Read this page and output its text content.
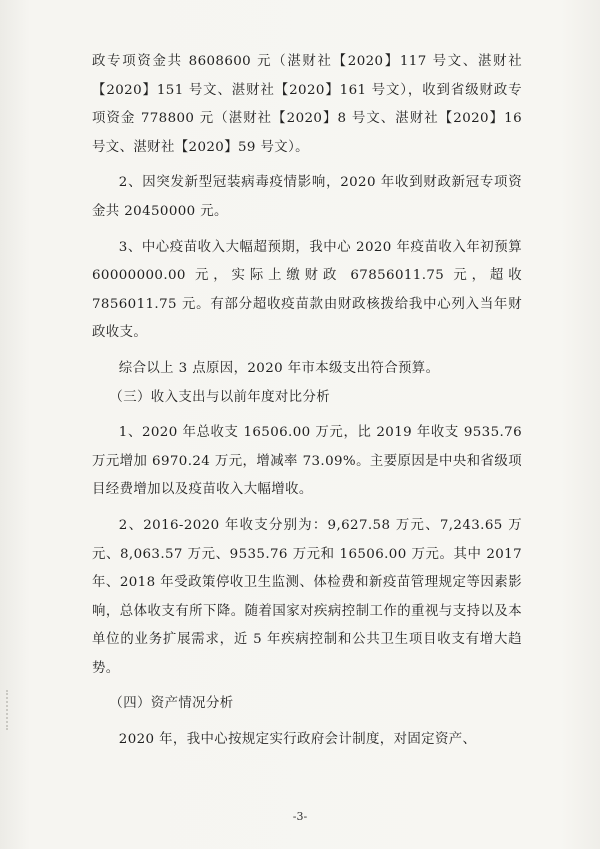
政专项资金共 8608600 元（湛财社【2020】117 号文、湛财社【2020】151 号文、湛财社【2020】161 号文），收到省级财政专项资金 778800 元（湛财社【2020】8 号文、湛财社【2020】16 号文、湛财社【2020】59 号文）。

2、因突发新型冠装病毒疫情影响，2020 年收到财政新冠专项资金共 20450000 元。

3、中心疫苗收入大幅超预期，我中心 2020 年疫苗收入年初预算 60000000.00 元，实际上缴财政 67856011.75 元，超收 7856011.75 元。有部分超收疫苗款由财政核拨给我中心列入当年财政收支。

综合以上 3 点原因，2020 年市本级支出符合预算。

（三）收入支出与以前年度对比分析

1、2020 年总收支 16506.00 万元，比 2019 年收支 9535.76 万元增加 6970.24 万元，增减率 73.09%。主要原因是中央和省级项目经费增加以及疫苗收入大幅增收。

2、2016-2020 年收支分别为：9,627.58 万元、7,243.65 万元、8,063.57 万元、9535.76 万元和 16506.00 万元。其中 2017 年、2018 年受政策停收卫生监测、体检费和新疫苗管理规定等因素影响，总体收支有所下降。随着国家对疾病控制工作的重视与支持以及本单位的业务扩展需求，近 5 年疾病控制和公共卫生项目收支有增大趋势。

（四）资产情况分析

2020 年，我中心按规定实行政府会计制度，对固定资产、

-3-
